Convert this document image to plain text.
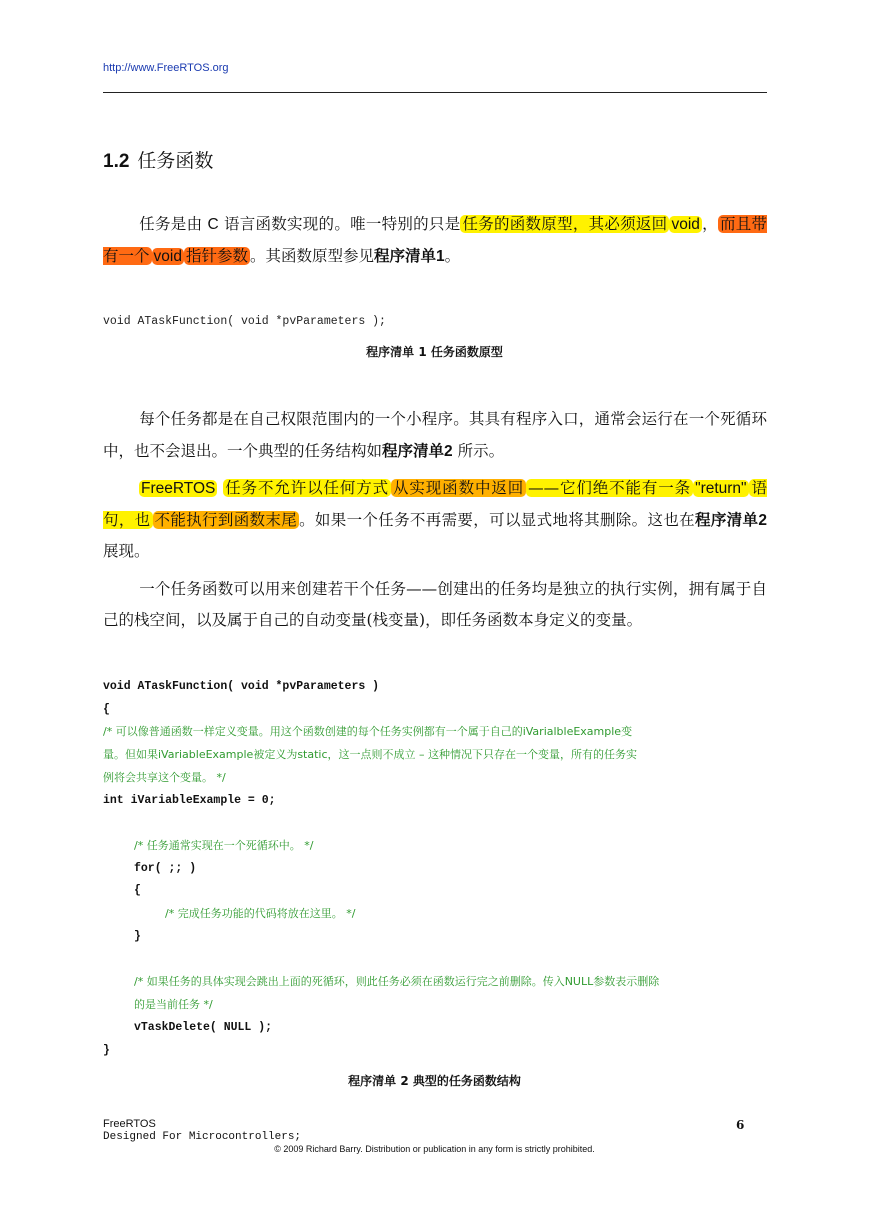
http://www.FreeRTOS.org
1.2 任务函数
任务是由 C 语言函数实现的。唯一特别的只是 任务的函数原型，其必须返回 void ， 而且带有一个 void 指针参数 。其函数原型参见程序清单1。
void ATaskFunction( void *pvParameters );
程序清单 1 任务函数原型
每个任务都是在自己权限范围内的一个小程序。其具有程序入口，通常会运行在一个死循环中，也不会退出。一个典型的任务结构如程序清单2 所示。
FreeRTOS 任务不允许以任何方式 从实现函数中返回 ——它们绝不能有一条 "return" 语句，也 不能执行到函数末尾 。如果一个任务不再需要，可以显式地将其删除。这也在程序清单2 展现。
一个任务函数可以用来创建若干个任务——创建出的任务均是独立的执行实例，拥有属于自己的栈空间，以及属于自己的自动变量(栈变量)，即任务函数本身定义的变量。
void ATaskFunction( void *pvParameters )
{
/* 可以像普通函数一样定义变量。用这个函数创建的每个任务实例都有一个属于自己的iVarialbleExample变
量。但如果iVariableExample被定义为static，这一点则不成立 – 这种情况下只存在一个变量，所有的任务实
例将会共享这个变量。 */
int iVariableExample = 0;
/* 任务通常实现在一个死循环中。 */
for( ;; )
{
/* 完成任务功能的代码将放在这里。 */
}
/* 如果任务的具体实现会跳出上面的死循环，则此任务必须在函数运行完之前删除。传入NULL参数表示删除
的是当前任务 */
vTaskDelete( NULL );
}
程序清单 2 典型的任务函数结构
FreeRTOS
Designed For Microcontrollers;
6
© 2009 Richard Barry. Distribution or publication in any form is strictly prohibited.
